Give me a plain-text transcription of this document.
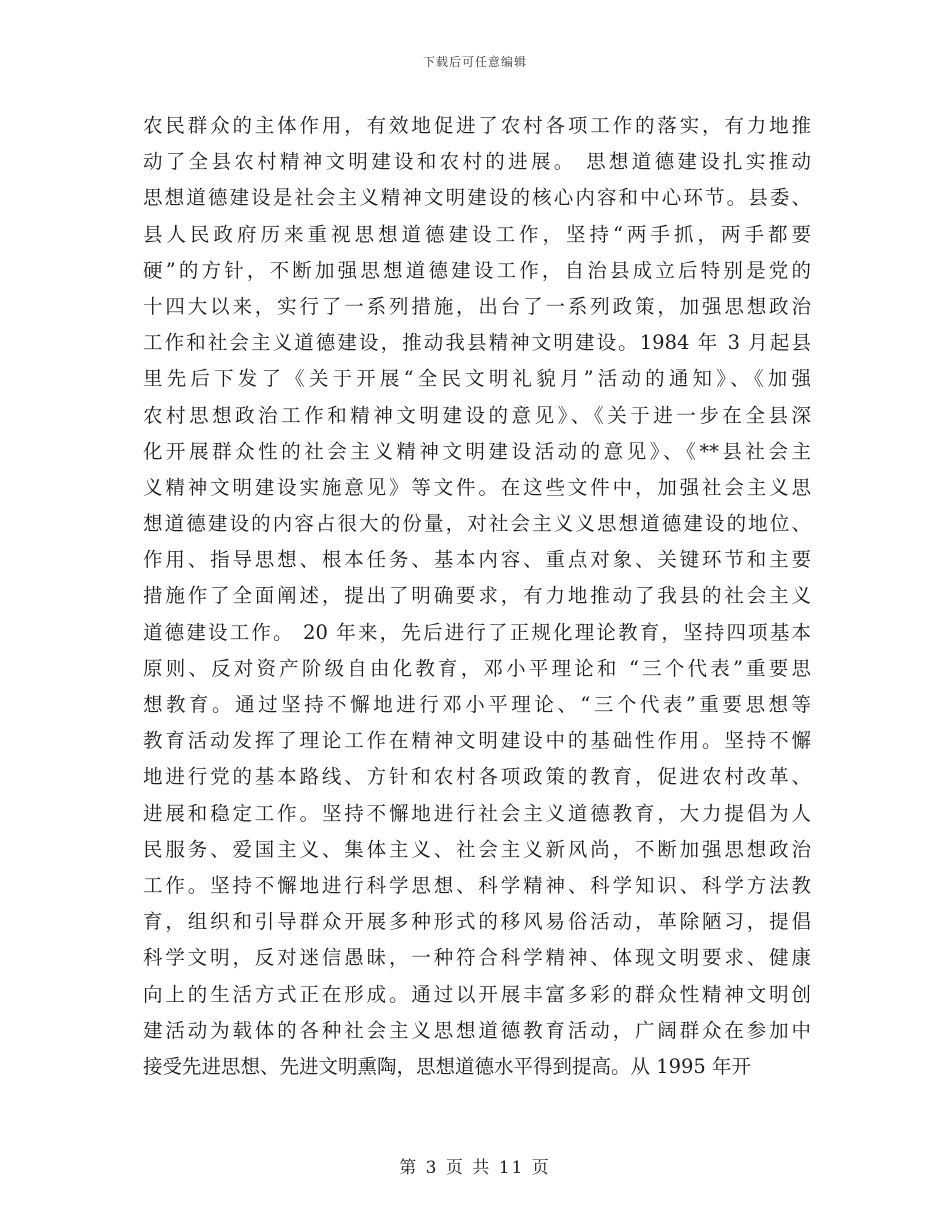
下载后可任意编辑
农民群众的主体作用，有效地促进了农村各项工作的落实，有力地推
动了全县农村精神文明建设和农村的进展。 思想道德建设扎实推动
思想道德建设是社会主义精神文明建设的核心内容和中心环节。县委、
县人民政府历来重视思想道德建设工作，坚持“两手抓，两手都要
硬”的方针，不断加强思想道德建设工作，自治县成立后特别是党的
十四大以来，实行了一系列措施，出台了一系列政策，加强思想政治
工作和社会主义道德建设，推动我县精神文明建设。1984 年 3 月起县
里先后下发了《关于开展“全民文明礼貌月”活动的通知》、《加强
农村思想政治工作和精神文明建设的意见》、《关于进一步在全县深
化开展群众性的社会主义精神文明建设活动的意见》、《**县社会主
义精神文明建设实施意见》等文件。在这些文件中，加强社会主义思
想道德建设的内容占很大的份量，对社会主义义思想道德建设的地位、
作用、指导思想、根本任务、基本内容、重点对象、关键环节和主要
措施作了全面阐述，提出了明确要求，有力地推动了我县的社会主义
道德建设工作。 20 年来，先后进行了正规化理论教育，坚持四项基本
原则、反对资产阶级自由化教育，邓小平理论和 “三个代表”重要思
想教育。通过坚持不懈地进行邓小平理论、“三个代表”重要思想等
教育活动发挥了理论工作在精神文明建设中的基础性作用。坚持不懈
地进行党的基本路线、方针和农村各项政策的教育，促进农村改革、
进展和稳定工作。坚持不懈地进行社会主义道德教育，大力提倡为人
民服务、爱国主义、集体主义、社会主义新风尚，不断加强思想政治
工作。坚持不懈地进行科学思想、科学精神、科学知识、科学方法教
育，组织和引导群众开展多种形式的移风易俗活动，革除陋习，提倡
科学文明，反对迷信愚昧，一种符合科学精神、体现文明要求、健康
向上的生活方式正在形成。通过以开展丰富多彩的群众性精神文明创
建活动为载体的各种社会主义思想道德教育活动，广阔群众在参加中
接受先进思想、先进文明熏陶，思想道德水平得到提高。从 1995 年开
第 3 页 共 11 页
